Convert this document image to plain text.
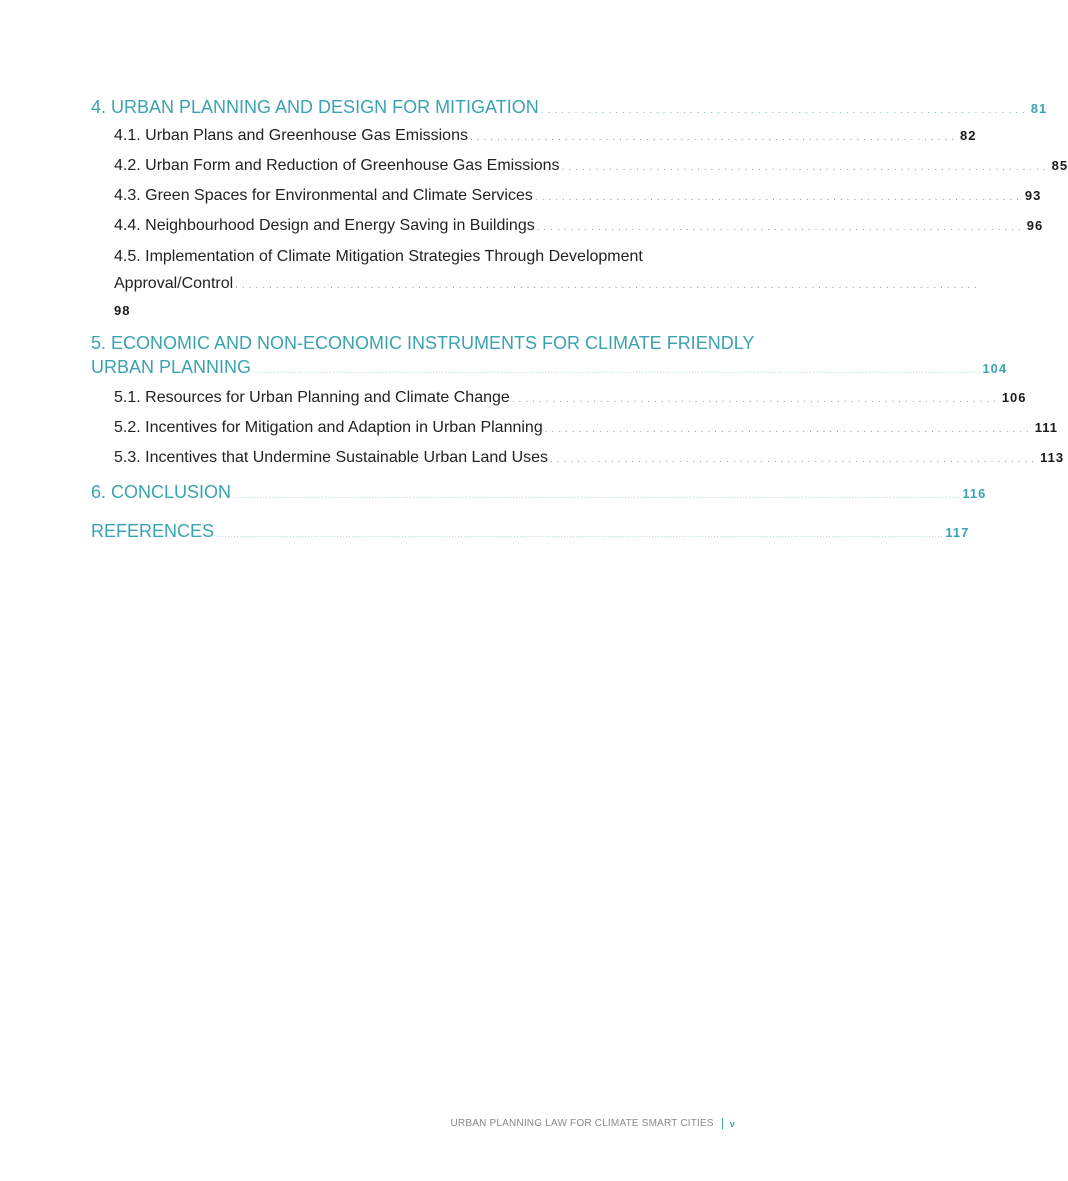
4. URBAN PLANNING AND DESIGN FOR MITIGATION ........................................................................ 81
4.1. Urban Plans and Greenhouse Gas Emissions ........................................................................ 82
4.2. Urban Form and Reduction of Greenhouse Gas Emissions ........................................................................ 85
4.3. Green Spaces for Environmental and Climate Services ........................................................................ 93
4.4. Neighbourhood Design and Energy Saving in Buildings ........................................................................ 96
4.5. Implementation of Climate Mitigation Strategies Through Development
Approval/Control ..............................................................................................................
98
5. ECONOMIC AND NON-ECONOMIC INSTRUMENTS FOR CLIMATE FRIENDLY
URBAN PLANNING ....................................................................................................................................................................................................................................................... 104
5.1. Resources for Urban Planning and Climate Change ........................................................................ 106
5.2. Incentives for Mitigation and Adaption in Urban Planning ........................................................................ 111
5.3. Incentives that Undermine Sustainable Urban Land Uses ........................................................................ 113
6. CONCLUSION ....................................................................................................................................................................................................................................................... 116
REFERENCES ....................................................................................................................................................................................................................................................... 117
URBAN PLANNING LAW FOR CLIMATE SMART CITIES v
